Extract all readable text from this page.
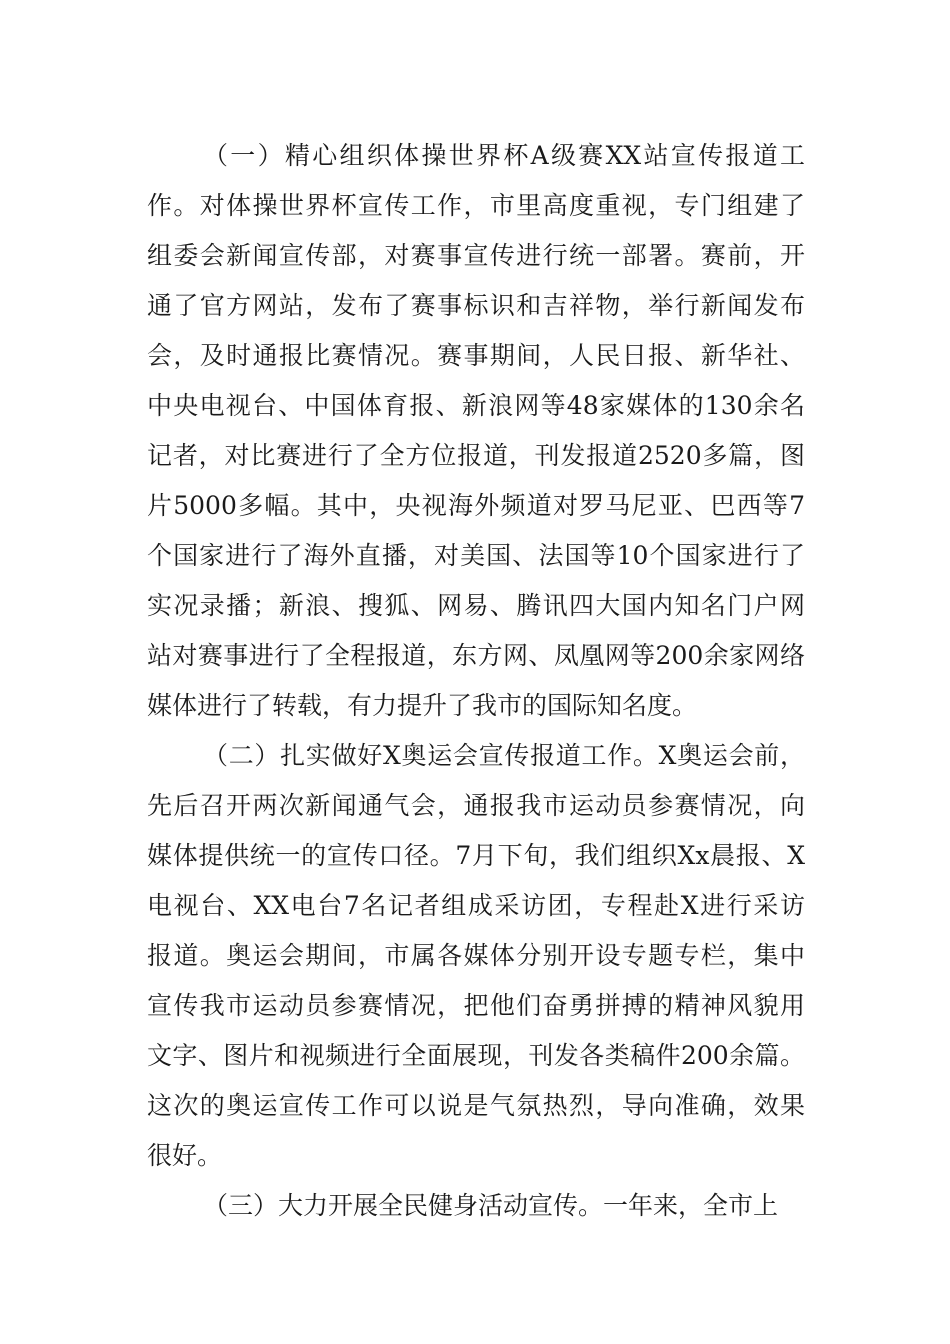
（一）精心组织体操世界杯A级赛XX站宣传报道工
作。对体操世界杯宣传工作，市里高度重视，专门组建了
组委会新闻宣传部，对赛事宣传进行统一部署。赛前，开
通了官方网站，发布了赛事标识和吉祥物，举行新闻发布
会，及时通报比赛情况。赛事期间，人民日报、新华社、
中央电视台、中国体育报、新浪网等48家媒体的130余名
记者，对比赛进行了全方位报道，刊发报道2520多篇，图
片5000多幅。其中，央视海外频道对罗马尼亚、巴西等7
个国家进行了海外直播，对美国、法国等10个国家进行了
实况录播；新浪、搜狐、网易、腾讯四大国内知名门户网
站对赛事进行了全程报道，东方网、凤凰网等200余家网络
媒体进行了转载，有力提升了我市的国际知名度。
（二）扎实做好X奥运会宣传报道工作。X奥运会前，
先后召开两次新闻通气会，通报我市运动员参赛情况，向
媒体提供统一的宣传口径。7月下旬，我们组织Xx晨报、X
电视台、XX电台7名记者组成采访团，专程赴X进行采访
报道。奥运会期间，市属各媒体分别开设专题专栏，集中
宣传我市运动员参赛情况，把他们奋勇拼搏的精神风貌用
文字、图片和视频进行全面展现，刊发各类稿件200余篇。
这次的奥运宣传工作可以说是气氛热烈，导向准确，效果
很好。
（三）大力开展全民健身活动宣传。一年来，全市上
